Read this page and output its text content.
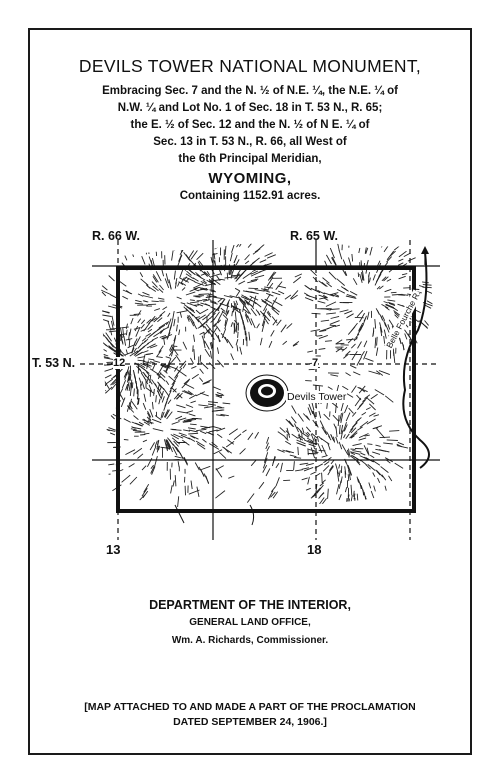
DEVILS TOWER NATIONAL MONUMENT,
Embracing Sec. 7 and the N. ½ of N.E. ¼, the N.E. ¼ of
N.W. ¼ and Lot No. 1 of Sec. 18 in T. 53 N., R. 65;
the E. ½ of Sec. 12 and the N. ½ of N E. ¼ of
Sec. 13 in T. 53 N., R. 66, all West of
the 6th Principal Meridian,
WYOMING,
Containing 1152.91 acres.
R. 66 W.	R. 65 W.
T. 53 N.	12	7
13	18
Devils Tower
Belle Fourche R.
DEPARTMENT OF THE INTERIOR,
GENERAL LAND OFFICE,
Wm. A. Richards, Commissioner.
[MAP ATTACHED TO AND MADE A PART OF THE PROCLAMATION
DATED SEPTEMBER 24, 1906.]
